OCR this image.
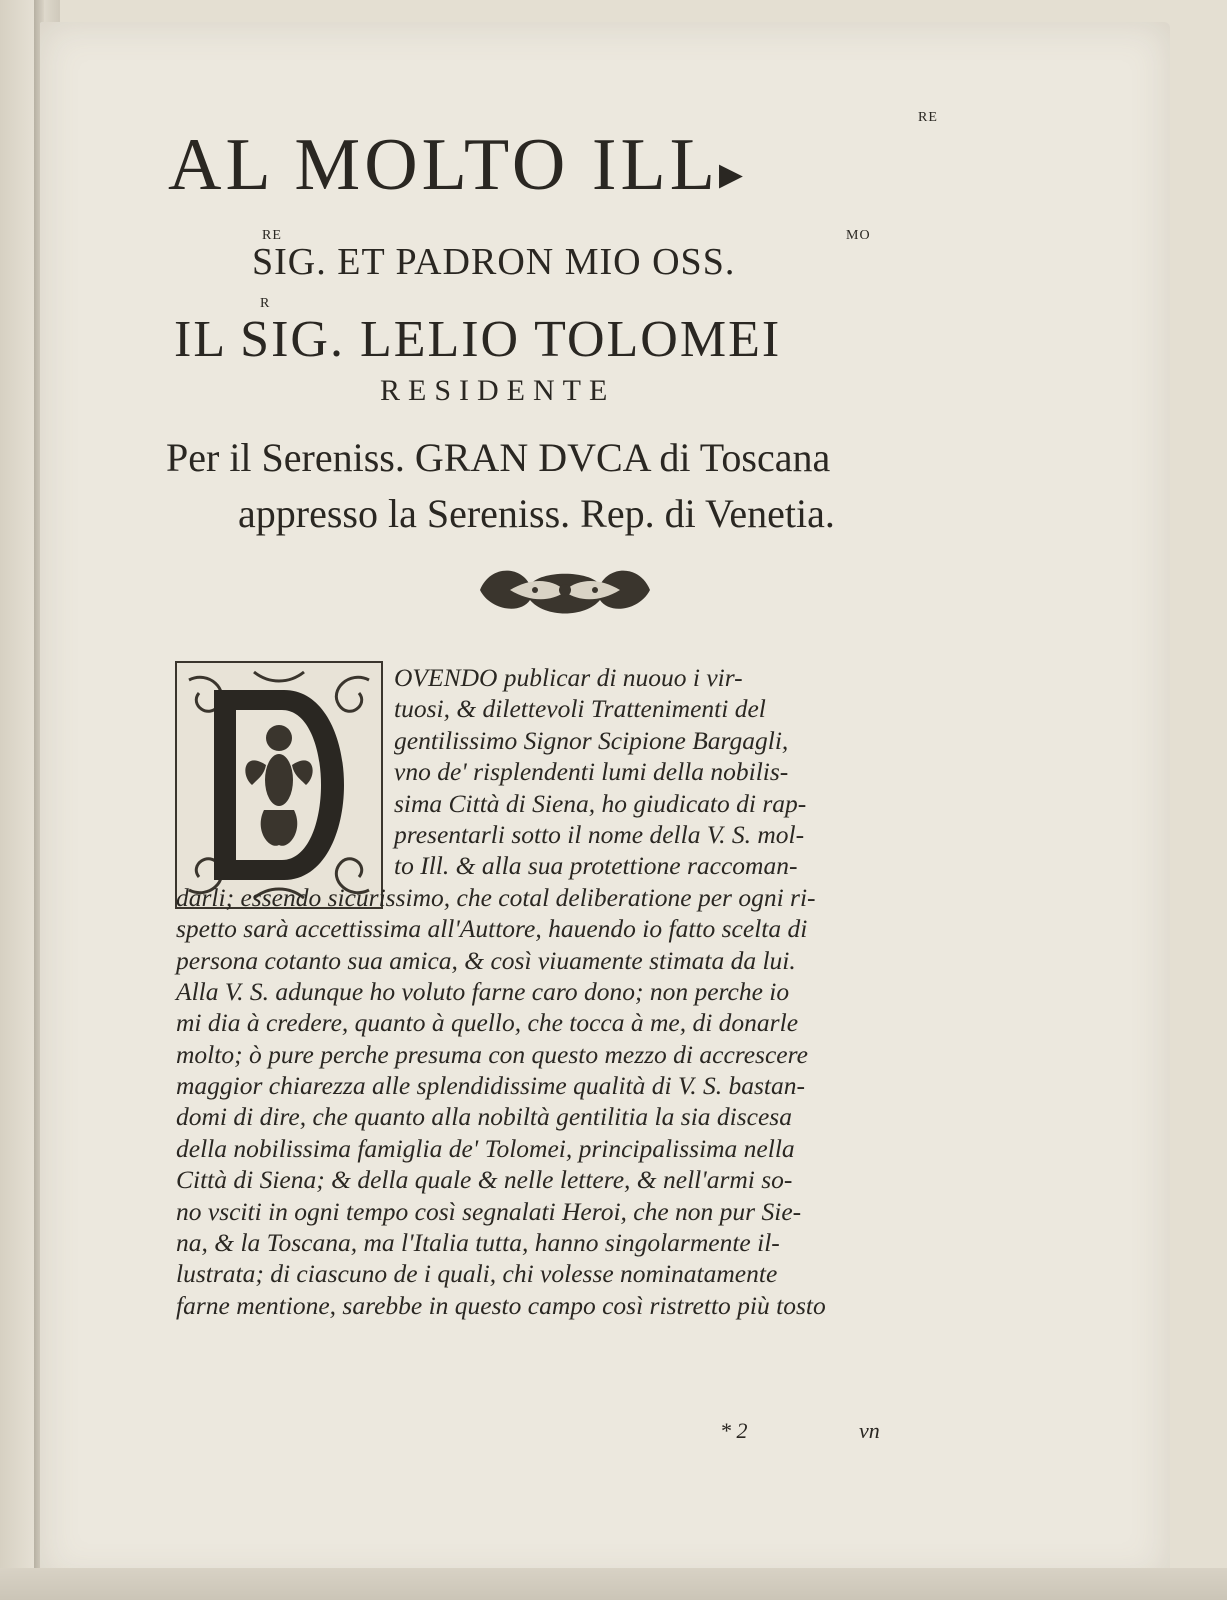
AL MOLTO ILL▸
RE
RE
SIG. ET PADRON MIO OSS.
MO
R
IL SIG. LELIO TOLOMEI
RESIDENTE
Per il Sereniss. GRAN DVCA di Toscana
appresso la Sereniss. Rep. di Venetia.
OVENDO publicar di nuouo i vir-
tuosi, & dilettevoli Trattenimenti del
gentilissimo Signor Scipione Bargagli,
vno de' risplendenti lumi della nobilis-
sima Città di Siena, ho giudicato di rap-
presentarli sotto il nome della V. S. mol-
to Ill. & alla sua protettione raccoman-
darli; essendo sicurissimo, che cotal deliberatione per ogni ri-
spetto sarà accettissima all'Auttore, hauendo io fatto scelta di
persona cotanto sua amica, & così viuamente stimata da lui.
Alla V. S. adunque ho voluto farne caro dono; non perche io
mi dia à credere, quanto à quello, che tocca à me, di donarle
molto; ò pure perche presuma con questo mezzo di accrescere
maggior chiarezza alle splendidissime qualità di V. S. bastan-
domi di dire, che quanto alla nobiltà gentilitia la sia discesa
della nobilissima famiglia de' Tolomei, principalissima nella
Città di Siena; & della quale & nelle lettere, & nell'armi so-
no vsciti in ogni tempo così segnalati Heroi, che non pur Sie-
na, & la Toscana, ma l'Italia tutta, hanno singolarmente il-
lustrata; di ciascuno de i quali, chi volesse nominatamente
farne mentione, sarebbe in questo campo così ristretto più tosto
* 2	vn
